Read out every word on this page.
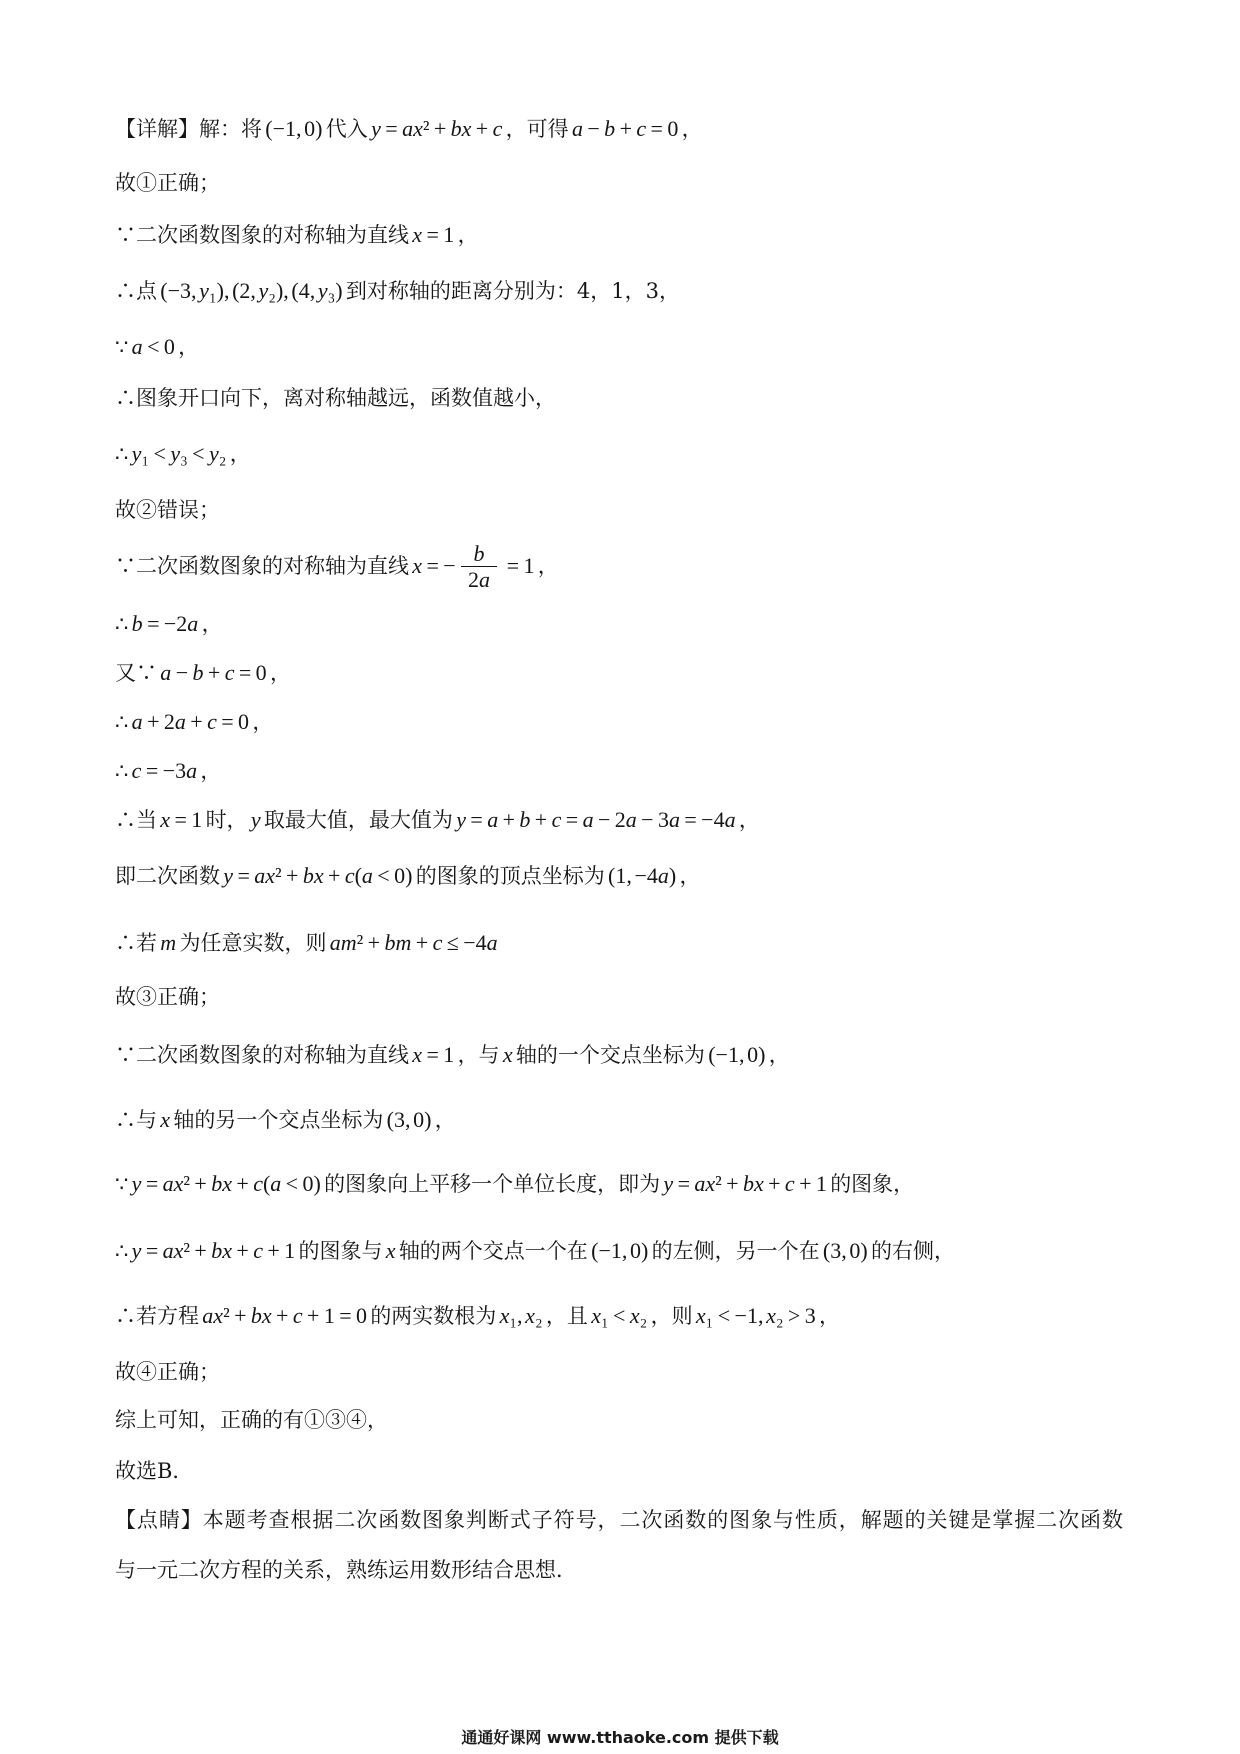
【详解】解：将 (−1, 0) 代入 y = ax² + bx + c ，可得 a − b + c = 0 ，
故①正确；
∵二次函数图象的对称轴为直线 x = 1 ，
∴点 (−3, y₁), (2, y₂), (4, y₃) 到对称轴的距离分别为：4，1，3，
∵ a < 0 ，
∴图象开口向下，离对称轴越远，函数值越小，
∴ y₁ < y₃ < y₂ ，
故②错误；
∵二次函数图象的对称轴为直线 x = − $\frac{b}{2a} = 1$ ，
∴ b = −2a ，
又∵ a − b + c = 0 ，
∴ a + 2a + c = 0 ，
∴ c = −3a ，
∴当 x = 1 时， y 取最大值，最大值为 y = a + b + c = a − 2a − 3a = −4a ，
即二次函数 y = ax² + bx + c(a < 0) 的图象的顶点坐标为 (1, −4a) ，
∴若 m 为任意实数，则 am² + bm + c ≤ −4a
故③正确；
∵二次函数图象的对称轴为直线 x = 1 ，与 x 轴的一个交点坐标为 (−1, 0) ，
∴与 x 轴的另一个交点坐标为 (3, 0) ，
∵ y = ax² + bx + c(a < 0) 的图象向上平移一个单位长度，即为 y = ax² + bx + c + 1 的图象，
∴ y = ax² + bx + c + 1 的图象与 x 轴的两个交点一个在 (−1, 0) 的左侧，另一个在 (3, 0) 的右侧，
∴若方程 ax² + bx + c + 1 = 0 的两实数根为 x₁, x₂ ，且 x₁ < x₂ ，则 x₁ < −1, x₂ > 3 ，
故④正确；
综上可知，正确的有①③④，
故选B．
【点睛】本题考查根据二次函数图象判断式子符号，二次函数的图象与性质，解题的关键是掌握二次函数
与一元二次方程的关系，熟练运用数形结合思想．
通通好课网 www.tthaoke.com 提供下载
